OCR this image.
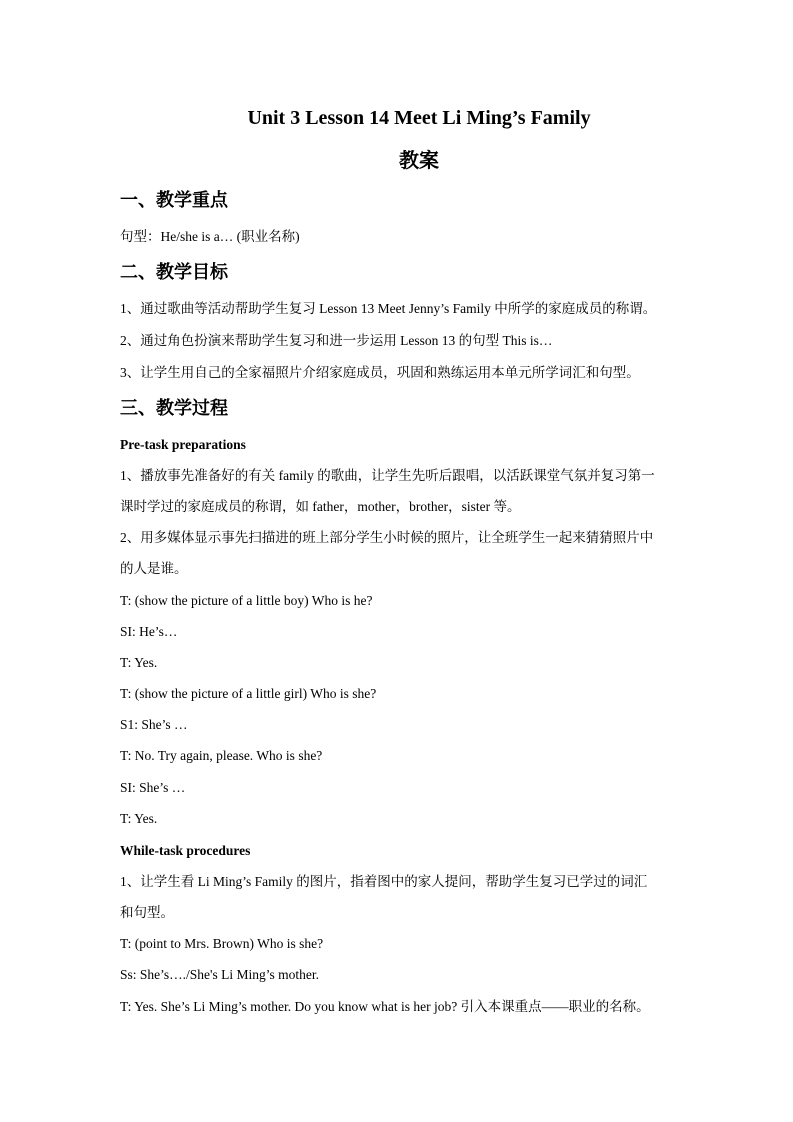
Unit 3 Lesson 14 Meet Li Ming’s Family
教案
一、教学重点
句型：He/she is a… (职业名称)
二、教学目标
1、通过歌曲等活动帮助学生复习 Lesson 13 Meet Jenny’s Family 中所学的家庭成员的称谓。
2、通过角色扮演来帮助学生复习和进一步运用 Lesson 13 的句型 This is…
3、让学生用自己的全家福照片介绍家庭成员，巩固和熟练运用本单元所学词汇和句型。
三、教学过程
Pre-task preparations
1、播放事先准备好的有关 family 的歌曲，让学生先听后跟唱，以活跃课堂气氛并复习第一
课时学过的家庭成员的称谓，如 father，mother，brother，sister 等。
2、用多媒体显示事先扫描进的班上部分学生小时候的照片，让全班学生一起来猜猜照片中
的人是谁。
T: (show the picture of a little boy) Who is he?
SI: He’s…
T: Yes.
T: (show the picture of a little girl) Who is she?
S1: She’s …
T: No. Try again, please. Who is she?
SI: She’s …
T: Yes.
While-task procedures
1、让学生看 Li Ming’s Family 的图片，指着图中的家人提问，帮助学生复习已学过的词汇
和句型。
T: (point to Mrs. Brown) Who is she?
Ss: She’s…./She's Li Ming’s mother.
T: Yes. She’s Li Ming’s mother. Do you know what is her job? 引入本课重点——职业的名称。
